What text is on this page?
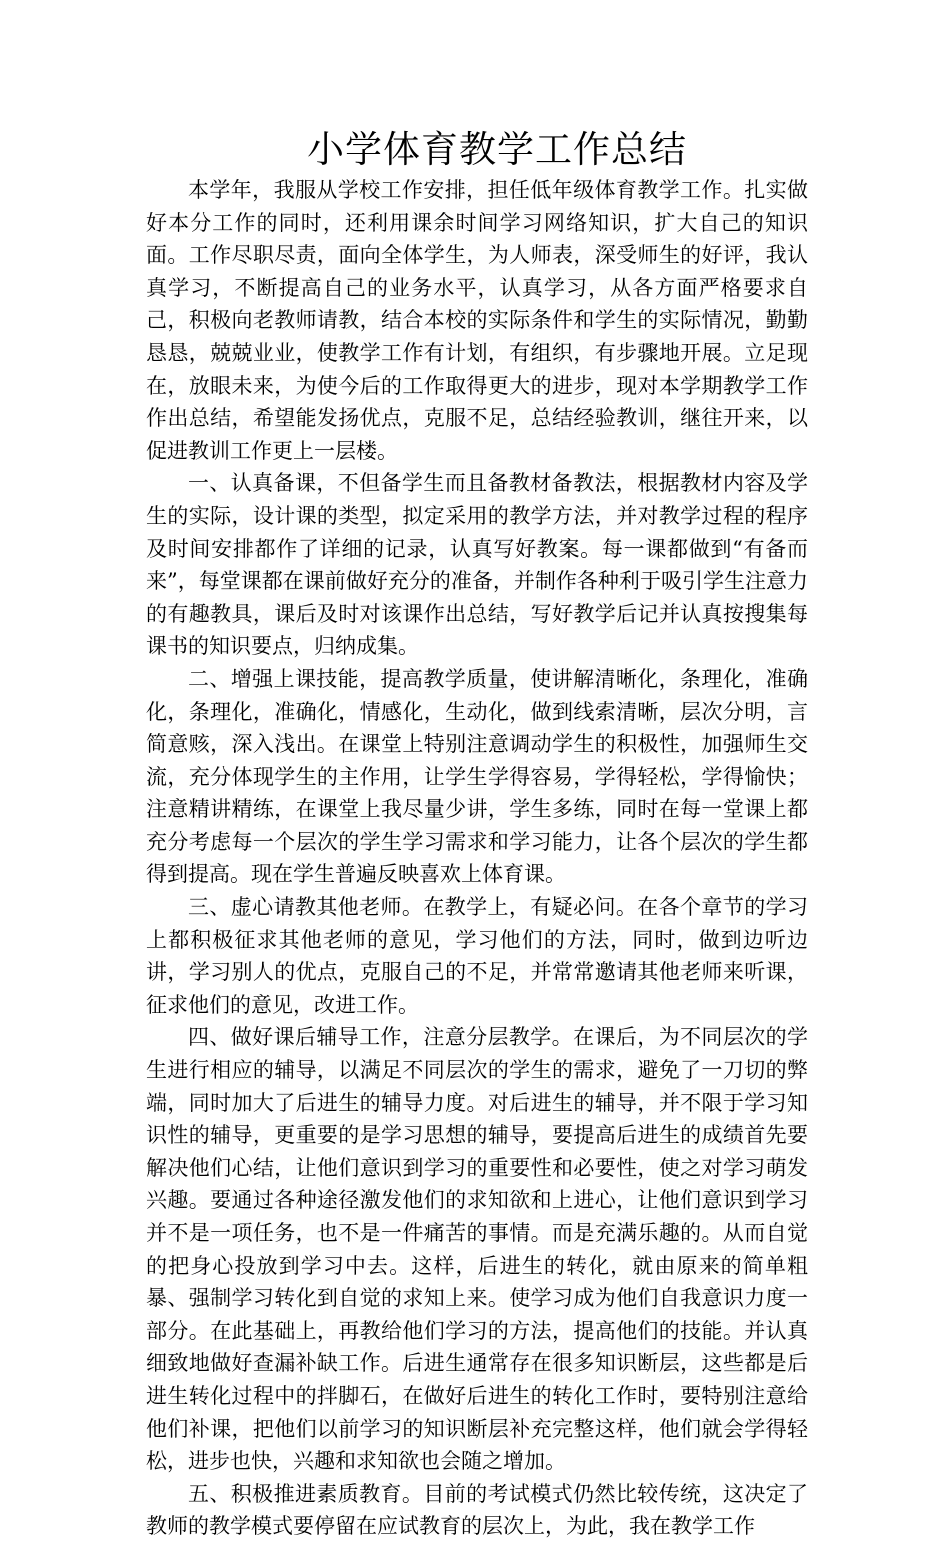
小学体育教学工作总结

本学年，我服从学校工作安排，担任低年级体育教学工作。扎实做好本分工作的同时，还利用课余时间学习网络知识，扩大自己的知识面。工作尽职尽责，面向全体学生，为人师表，深受师生的好评，我认真学习，不断提高自己的业务水平，认真学习，从各方面严格要求自己，积极向老教师请教，结合本校的实际条件和学生的实际情况，勤勤恳恳，兢兢业业，使教学工作有计划，有组织，有步骤地开展。立足现在，放眼未来，为使今后的工作取得更大的进步，现对本学期教学工作作出总结，希望能发扬优点，克服不足，总结经验教训，继往开来，以促进教训工作更上一层楼。

一、认真备课，不但备学生而且备教材备教法，根据教材内容及学生的实际，设计课的类型，拟定采用的教学方法，并对教学过程的程序及时间安排都作了详细的记录，认真写好教案。每一课都做到“有备而来”，每堂课都在课前做好充分的准备，并制作各种利于吸引学生注意力的有趣教具，课后及时对该课作出总结，写好教学后记并认真按搜集每课书的知识要点，归纳成集。

二、增强上课技能，提高教学质量，使讲解清晰化，条理化，准确化，条理化，准确化，情感化，生动化，做到线索清晰，层次分明，言简意赅，深入浅出。在课堂上特别注意调动学生的积极性，加强师生交流，充分体现学生的主作用，让学生学得容易，学得轻松，学得愉快；注意精讲精练，在课堂上我尽量少讲，学生多练，同时在每一堂课上都充分考虑每一个层次的学生学习需求和学习能力，让各个层次的学生都得到提高。现在学生普遍反映喜欢上体育课。

三、虚心请教其他老师。在教学上，有疑必问。在各个章节的学习上都积极征求其他老师的意见，学习他们的方法，同时，做到边听边讲，学习别人的优点，克服自己的不足，并常常邀请其他老师来听课，征求他们的意见，改进工作。

四、做好课后辅导工作，注意分层教学。在课后，为不同层次的学生进行相应的辅导，以满足不同层次的学生的需求，避免了一刀切的弊端，同时加大了后进生的辅导力度。对后进生的辅导，并不限于学习知识性的辅导，更重要的是学习思想的辅导，要提高后进生的成绩首先要解决他们心结，让他们意识到学习的重要性和必要性，使之对学习萌发兴趣。要通过各种途径激发他们的求知欲和上进心，让他们意识到学习并不是一项任务，也不是一件痛苦的事情。而是充满乐趣的。从而自觉的把身心投放到学习中去。这样，后进生的转化，就由原来的简单粗暴、强制学习转化到自觉的求知上来。使学习成为他们自我意识力度一部分。在此基础上，再教给他们学习的方法，提高他们的技能。并认真细致地做好查漏补缺工作。后进生通常存在很多知识断层，这些都是后进生转化过程中的拌脚石，在做好后进生的转化工作时，要特别注意给他们补课，把他们以前学习的知识断层补充完整这样，他们就会学得轻松，进步也快，兴趣和求知欲也会随之增加。

五、积极推进素质教育。目前的考试模式仍然比较传统，这决定了教师的教学模式要停留在应试教育的层次上，为此，我在教学工作
